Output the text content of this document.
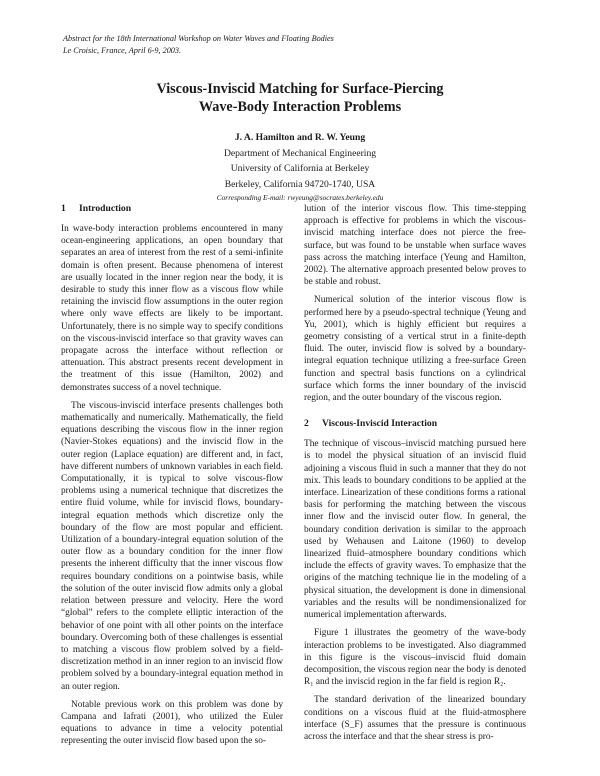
Abstract for the 18th International Workshop on Water Waves and Floating Bodies
Le Croisic, France, April 6-9, 2003.
Viscous-Inviscid Matching for Surface-Piercing
Wave-Body Interaction Problems
J. A. Hamilton and R. W. Yeung
Department of Mechanical Engineering
University of California at Berkeley
Berkeley, California 94720-1740, USA
Corresponding E-mail: rwyeung@socrates.berkeley.edu
1 Introduction

In wave-body interaction problems encountered in many ocean-engineering applications, an open boundary that separates an area of interest from the rest of a semi-infinite domain is often present. Because phenomena of interest are usually located in the inner region near the body, it is desirable to study this inner flow as a viscous flow while retaining the inviscid flow assumptions in the outer region where only wave effects are likely to be important. Unfortunately, there is no simple way to specify conditions on the viscous-inviscid interface so that gravity waves can propagate across the interface without reflection or attenuation. This abstract presents recent development in the treatment of this issue (Hamilton, 2002) and demonstrates success of a novel technique.

The viscous-inviscid interface presents challenges both mathematically and numerically. Mathematically, the field equations describing the viscous flow in the inner region (Navier-Stokes equations) and the inviscid flow in the outer region (Laplace equation) are different and, in fact, have different numbers of unknown variables in each field. Computationally, it is typical to solve viscous-flow problems using a numerical technique that discretizes the entire fluid volume, while for inviscid flows, boundary-integral equation methods which discretize only the boundary of the flow are most popular and efficient. Utilization of a boundary-integral equation solution of the outer flow as a boundary condition for the inner flow presents the inherent difficulty that the inner viscous flow requires boundary conditions on a pointwise basis, while the solution of the outer inviscid flow admits only a global relation between pressure and velocity. Here the word “global” refers to the complete elliptic interaction of the behavior of one point with all other points on the interface boundary. Overcoming both of these challenges is essential to matching a viscous flow problem solved by a field-discretization method in an inner region to an inviscid flow problem solved by a boundary-integral equation method in an outer region.

Notable previous work on this problem was done by Campana and Iafrati (2001), who utilized the Euler equations to advance in time a velocity potential representing the outer inviscid flow based upon the so-

lution of the interior viscous flow. This time-stepping approach is effective for problems in which the viscous-inviscid matching interface does not pierce the free-surface, but was found to be unstable when surface waves pass across the matching interface (Yeung and Hamilton, 2002). The alternative approach presented below proves to be stable and robust.

Numerical solution of the interior viscous flow is performed here by a pseudo-spectral technique (Yeung and Yu, 2001), which is highly efficient but requires a geometry consisting of a vertical strut in a finite-depth fluid. The outer, inviscid flow is solved by a boundary-integral equation technique utilizing a free-surface Green function and spectral basis functions on a cylindrical surface which forms the inner boundary of the inviscid region, and the outer boundary of the viscous region.

2 Viscous-Inviscid Interaction

The technique of viscous–inviscid matching pursued here is to model the physical situation of an inviscid fluid adjoining a viscous fluid in such a manner that they do not mix. This leads to boundary conditions to be applied at the interface. Linearization of these conditions forms a rational basis for performing the matching between the viscous inner flow and the inviscid outer flow. In general, the boundary condition derivation is similar to the approach used by Wehausen and Laitone (1960) to develop linearized fluid–atmosphere boundary conditions which include the effects of gravity waves. To emphasize that the origins of the matching technique lie in the modeling of a physical situation, the development is done in dimensional variables and the results will be nondimensionalized for numerical implementation afterwards.

Figure 1 illustrates the geometry of the wave-body interaction problems to be investigated. Also diagrammed in this figure is the viscous–inviscid fluid domain decomposition, the viscous region near the body is denoted R₁ and the inviscid region in the far field is region R₂.

The standard derivation of the linearized boundary conditions on a viscous fluid at the fluid-atmosphere interface (S_F) assumes that the pressure is continuous across the interface and that the shear stress is pro-
